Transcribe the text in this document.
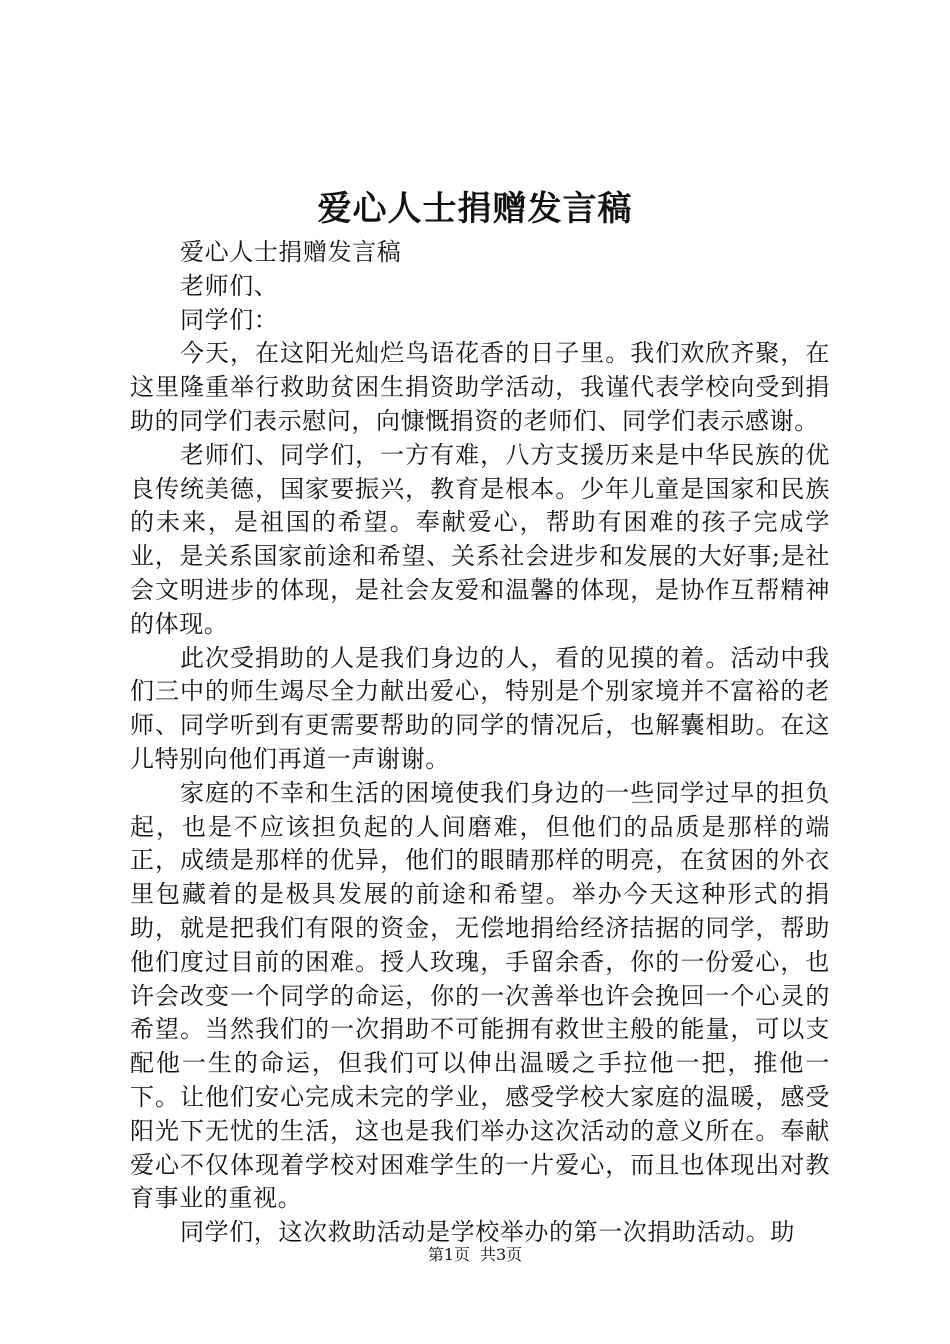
爱心人士捐赠发言稿

爱心人士捐赠发言稿

老师们、

同学们：

今天，在这阳光灿烂鸟语花香的日子里。我们欢欣齐聚，在这里隆重举行救助贫困生捐资助学活动，我谨代表学校向受到捐助的同学们表示慰问，向慷慨捐资的老师们、同学们表示感谢。

老师们、同学们，一方有难，八方支援历来是中华民族的优良传统美德，国家要振兴，教育是根本。少年儿童是国家和民族的未来，是祖国的希望。奉献爱心，帮助有困难的孩子完成学业，是关系国家前途和希望、关系社会进步和发展的大好事;是社会文明进步的体现，是社会友爱和温馨的体现，是协作互帮精神的体现。

此次受捐助的人是我们身边的人，看的见摸的着。活动中我们三中的师生竭尽全力献出爱心，特别是个别家境并不富裕的老师、同学听到有更需要帮助的同学的情况后，也解囊相助。在这儿特别向他们再道一声谢谢。

家庭的不幸和生活的困境使我们身边的一些同学过早的担负起，也是不应该担负起的人间磨难，但他们的品质是那样的端正，成绩是那样的优异，他们的眼睛那样的明亮，在贫困的外衣里包藏着的是极具发展的前途和希望。举办今天这种形式的捐助，就是把我们有限的资金，无偿地捐给经济拮据的同学，帮助他们度过目前的困难。授人玫瑰，手留余香，你的一份爱心，也许会改变一个同学的命运，你的一次善举也许会挽回一个心灵的希望。当然我们的一次捐助不可能拥有救世主般的能量，可以支配他一生的命运，但我们可以伸出温暖之手拉他一把，推他一下。让他们安心完成未完的学业，感受学校大家庭的温暖，感受阳光下无忧的生活，这也是我们举办这次活动的意义所在。奉献爱心不仅体现着学校对困难学生的一片爱心，而且也体现出对教育事业的重视。

同学们，这次救助活动是学校举办的第一次捐助活动。助

第1页 共3页
